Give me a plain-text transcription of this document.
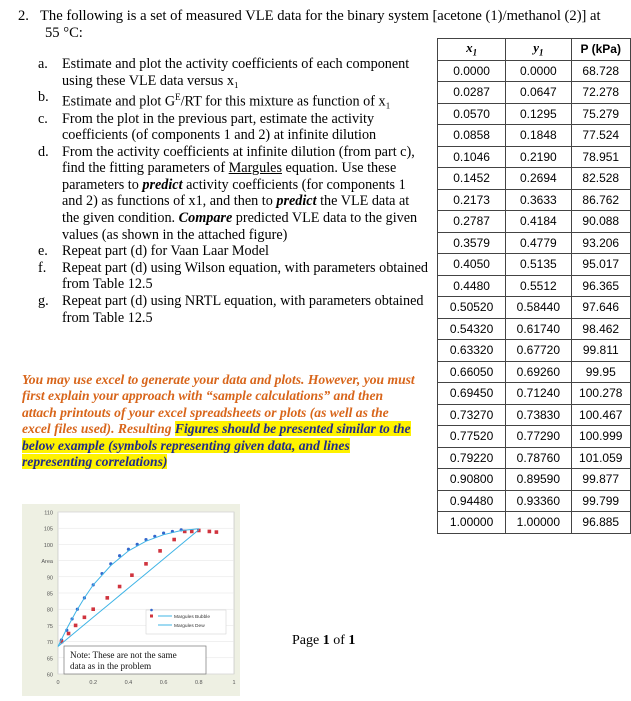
2. The following is a set of measured VLE data for the binary system [acetone (1)/methanol (2)] at
55 °C:
a. Estimate and plot the activity coefficients of each component using these VLE data versus x₁
b. Estimate and plot $G^E/RT$ for this mixture as function of x₁
c. From the plot in the previous part, estimate the activity coefficients (of components 1 and 2) at infinite dilution
d. From the activity coefficients at infinite dilution (from part c), find the fitting parameters of Margules equation. Use these parameters to predict activity coefficients (for components 1 and 2) as functions of x1, and then to predict the VLE data at the given condition. Compare predicted VLE data to the given values (as shown in the attached figure)
e. Repeat part (d) for Vaan Laar Model
f. Repeat part (d) using Wilson equation, with parameters obtained from Table 12.5
g. Repeat part (d) using NRTL equation, with parameters obtained from Table 12.5
You may use excel to generate your data and plots. However, you must first explain your approach with “sample calculations” and then attach printouts of your excel spreadsheets or plots (as well as the excel files used). Resulting Figures should be presented similar to the below example (symbols representing given data, and lines representing correlations)
$x_1$	$y_1$	P (kPa)
0.0000	0.0000	68.728
0.0287	0.0647	72.278
0.0570	0.1295	75.279
0.0858	0.1848	77.524
0.1046	0.2190	78.951
0.1452	0.2694	82.528
0.2173	0.3633	86.762
0.2787	0.4184	90.088
0.3579	0.4779	93.206
0.4050	0.5135	95.017
0.4480	0.5512	96.365
0.50520	0.58440	97.646
0.54320	0.61740	98.462
0.63320	0.67720	99.811
0.66050	0.69260	99.95
0.69450	0.71240	100.278
0.73270	0.73830	100.467
0.77520	0.77290	100.999
0.79220	0.78760	101.059
0.90800	0.89590	99.877
0.94480	0.93360	99.799
1.00000	1.00000	96.885
110
105
100
Area
90
85
80
75
70
65
60
0	0.2	0.4	0.6	0.8	1
Margules Bubble
Margules Dew
Note: These are not the same
data as in the problem
Page 1 of 1
